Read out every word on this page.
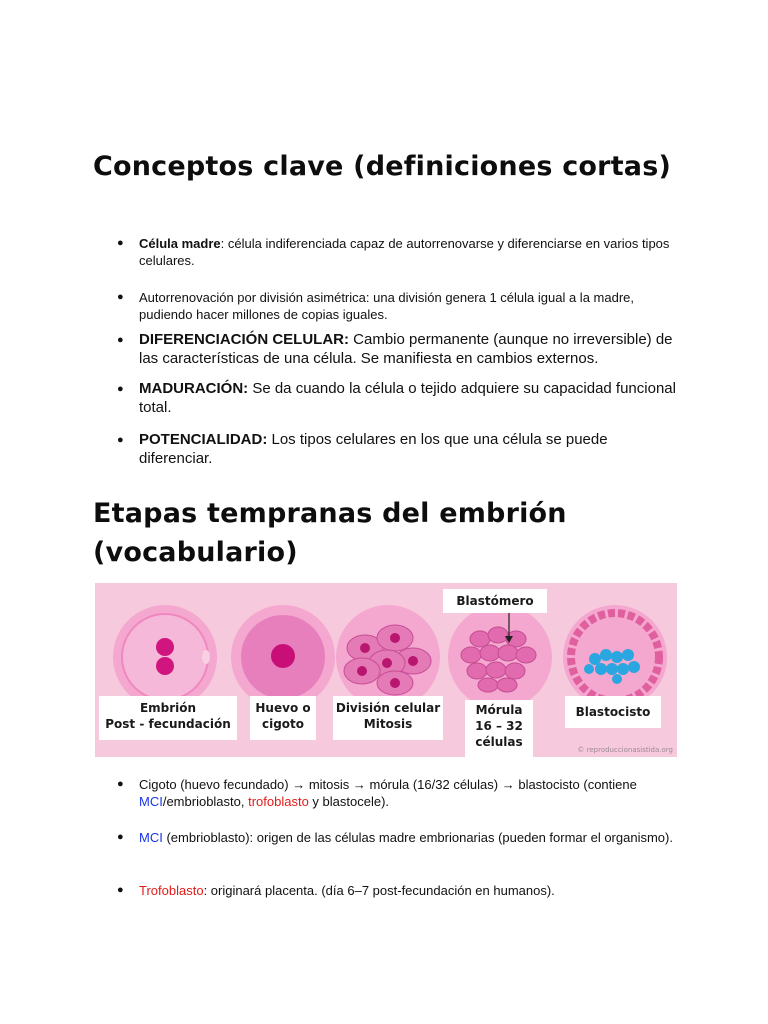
Conceptos clave (definiciones cortas)
● Célula madre: célula indiferenciada capaz de autorrenovarse y diferenciarse en varios tipos celulares.
● Autorrenovación por división asimétrica: una división genera 1 célula igual a la madre, pudiendo hacer millones de copias iguales.
● DIFERENCIACIÓN CELULAR: Cambio permanente (aunque no irreversible) de las características de una célula. Se manifiesta en cambios externos.
● MADURACIÓN: Se da cuando la célula o tejido adquiere su capacidad funcional total.
● POTENCIALIDAD: Los tipos celulares en los que una célula se puede diferenciar.
Etapas tempranas del embrión (vocabulario)
Blastómero
Embrión
Post - fecundación
Huevo o
cigoto
División celular
Mitosis
Mórula
16 – 32
células
Blastocisto
© reproduccionasistida.org
● Cigoto (huevo fecundado) → mitosis → mórula (16/32 células) → blastocisto (contiene MCI/embrioblasto, trofoblasto y blastocele).
● MCI (embrioblasto): origen de las células madre embrionarias (pueden formar el organismo).
● Trofoblasto: originará placenta. (día 6–7 post-fecundación en humanos).
